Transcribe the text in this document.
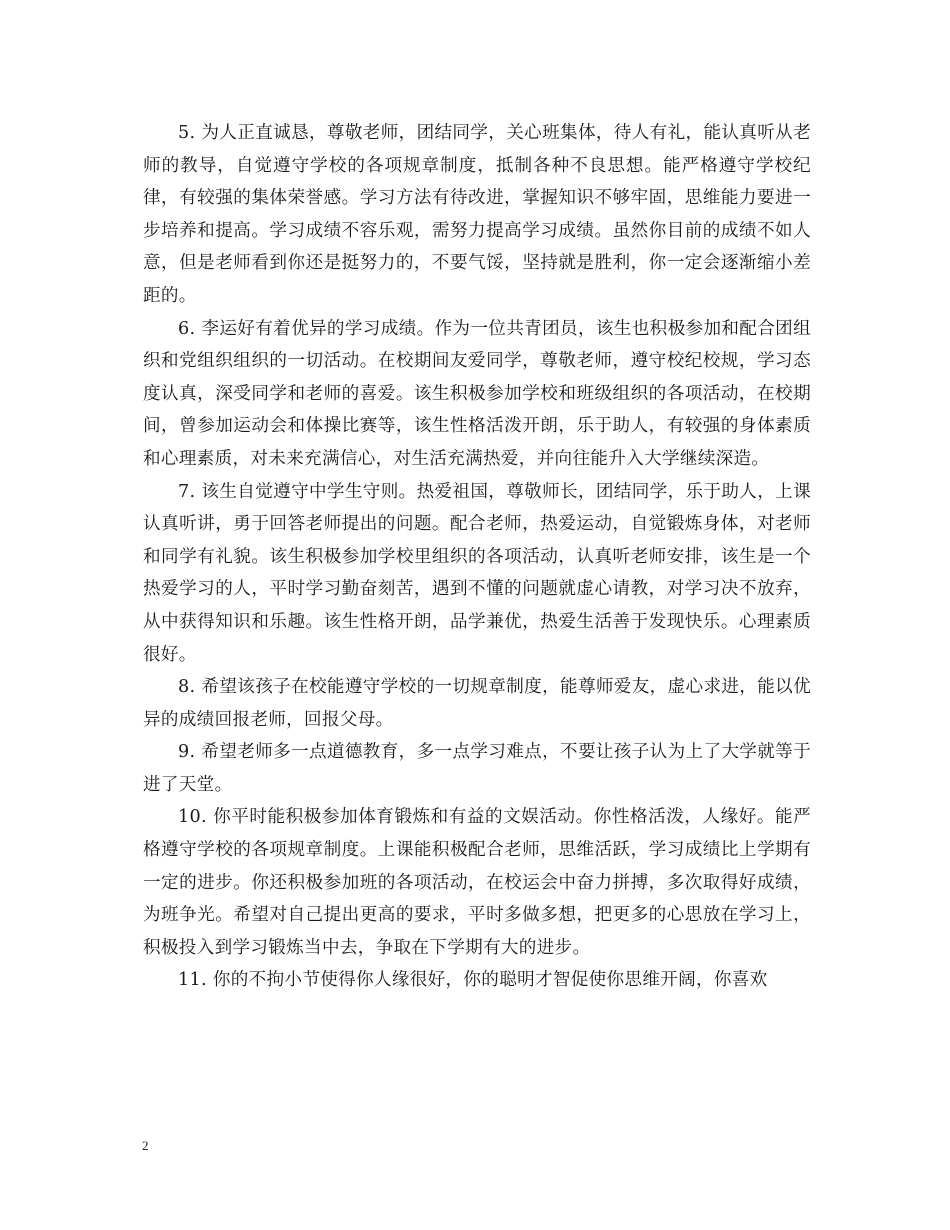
5. 为人正直诚恳，尊敬老师，团结同学，关心班集体，待人有礼，能认真听从老师的教导，自觉遵守学校的各项规章制度，抵制各种不良思想。能严格遵守学校纪律，有较强的集体荣誉感。学习方法有待改进，掌握知识不够牢固，思维能力要进一步培养和提高。学习成绩不容乐观，需努力提高学习成绩。虽然你目前的成绩不如人意，但是老师看到你还是挺努力的，不要气馁，坚持就是胜利，你一定会逐渐缩小差距的。

6. 李运好有着优异的学习成绩。作为一位共青团员，该生也积极参加和配合团组织和党组织组织的一切活动。在校期间友爱同学，尊敬老师，遵守校纪校规，学习态度认真，深受同学和老师的喜爱。该生积极参加学校和班级组织的各项活动，在校期间，曾参加运动会和体操比赛等，该生性格活泼开朗，乐于助人，有较强的身体素质和心理素质，对未来充满信心，对生活充满热爱，并向往能升入大学继续深造。

7. 该生自觉遵守中学生守则。热爱祖国，尊敬师长，团结同学，乐于助人，上课认真听讲，勇于回答老师提出的问题。配合老师，热爱运动，自觉锻炼身体，对老师和同学有礼貌。该生积极参加学校里组织的各项活动，认真听老师安排，该生是一个热爱学习的人，平时学习勤奋刻苦，遇到不懂的问题就虚心请教，对学习决不放弃，从中获得知识和乐趣。该生性格开朗，品学兼优，热爱生活善于发现快乐。心理素质很好。

8. 希望该孩子在校能遵守学校的一切规章制度，能尊师爱友，虚心求进，能以优异的成绩回报老师，回报父母。

9. 希望老师多一点道德教育，多一点学习难点，不要让孩子认为上了大学就等于进了天堂。

10. 你平时能积极参加体育锻炼和有益的文娱活动。你性格活泼，人缘好。能严格遵守学校的各项规章制度。上课能积极配合老师，思维活跃，学习成绩比上学期有一定的进步。你还积极参加班的各项活动，在校运会中奋力拼搏，多次取得好成绩，为班争光。希望对自己提出更高的要求，平时多做多想，把更多的心思放在学习上，积极投入到学习锻炼当中去，争取在下学期有大的进步。

11. 你的不拘小节使得你人缘很好，你的聪明才智促使你思维开阔，你喜欢

2
